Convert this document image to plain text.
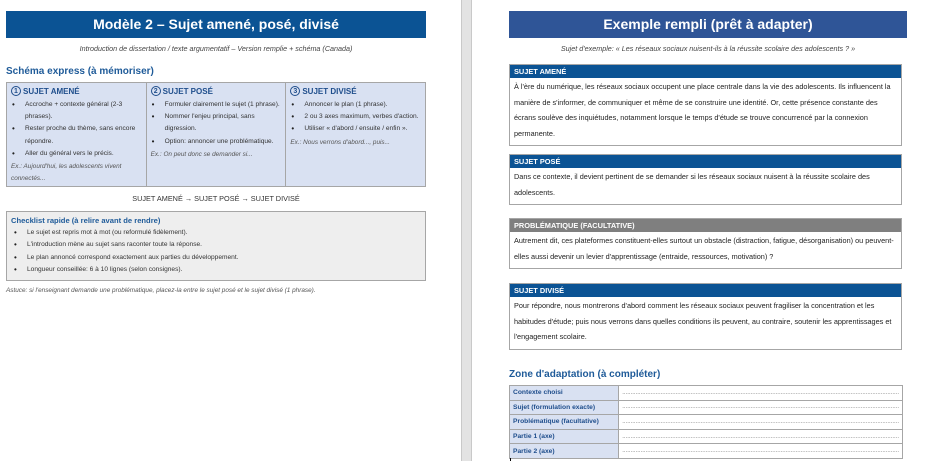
Modèle 2 – Sujet amené, posé, divisé
Introduction de dissertation / texte argumentatif – Version remplie + schéma (Canada)
Schéma express (à mémoriser)
1 SUJET AMENÉ
• Accroche + contexte général (2-3 phrases).
• Rester proche du thème, sans encore répondre.
• Aller du général vers le précis.
Ex.: Aujourd'hui, les adolescents vivent connectés...
2 SUJET POSÉ
• Formuler clairement le sujet (1 phrase).
• Nommer l'enjeu principal, sans digression.
• Option: annoncer une problématique.
Ex.: On peut donc se demander si...
3 SUJET DIVISÉ
• Annoncer le plan (1 phrase).
• 2 ou 3 axes maximum, verbes d'action.
• Utiliser « d'abord / ensuite / enfin ».
Ex.: Nous verrons d'abord..., puis...
SUJET AMENÉ → SUJET POSÉ → SUJET DIVISÉ
Checklist rapide (à relire avant de rendre)
• Le sujet est repris mot à mot (ou reformulé fidèlement).
• L'introduction mène au sujet sans raconter toute la réponse.
• Le plan annoncé correspond exactement aux parties du développement.
• Longueur conseillée: 6 à 10 lignes (selon consignes).
Astuce: si l'enseignant demande une problématique, placez-la entre le sujet posé et le sujet divisé (1 phrase).
Exemple rempli (prêt à adapter)
Sujet d'exemple: « Les réseaux sociaux nuisent-ils à la réussite scolaire des adolescents ? »
SUJET AMENÉ
À l'ère du numérique, les réseaux sociaux occupent une place centrale dans la vie des adolescents. Ils influencent la manière de s'informer, de communiquer et même de se construire une identité. Or, cette présence constante des écrans soulève des inquiétudes, notamment lorsque le temps d'étude se trouve concurrencé par la connexion permanente.
SUJET POSÉ
Dans ce contexte, il devient pertinent de se demander si les réseaux sociaux nuisent à la réussite scolaire des adolescents.
PROBLÉMATIQUE (FACULTATIVE)
Autrement dit, ces plateformes constituent-elles surtout un obstacle (distraction, fatigue, désorganisation) ou peuvent-elles aussi devenir un levier d'apprentissage (entraide, ressources, motivation) ?
SUJET DIVISÉ
Pour répondre, nous montrerons d'abord comment les réseaux sociaux peuvent fragiliser la concentration et les habitudes d'étude; puis nous verrons dans quelles conditions ils peuvent, au contraire, soutenir les apprentissages et l'engagement scolaire.
Zone d'adaptation (à compléter)
Contexte choisi	......................................................................................................................................................................
Sujet (formulation exacte)	......................................................................................................................................................................
Problématique (facultative)	......................................................................................................................................................................
Partie 1 (axe)	......................................................................................................................................................................
Partie 2 (axe)	......................................................................................................................................................................
